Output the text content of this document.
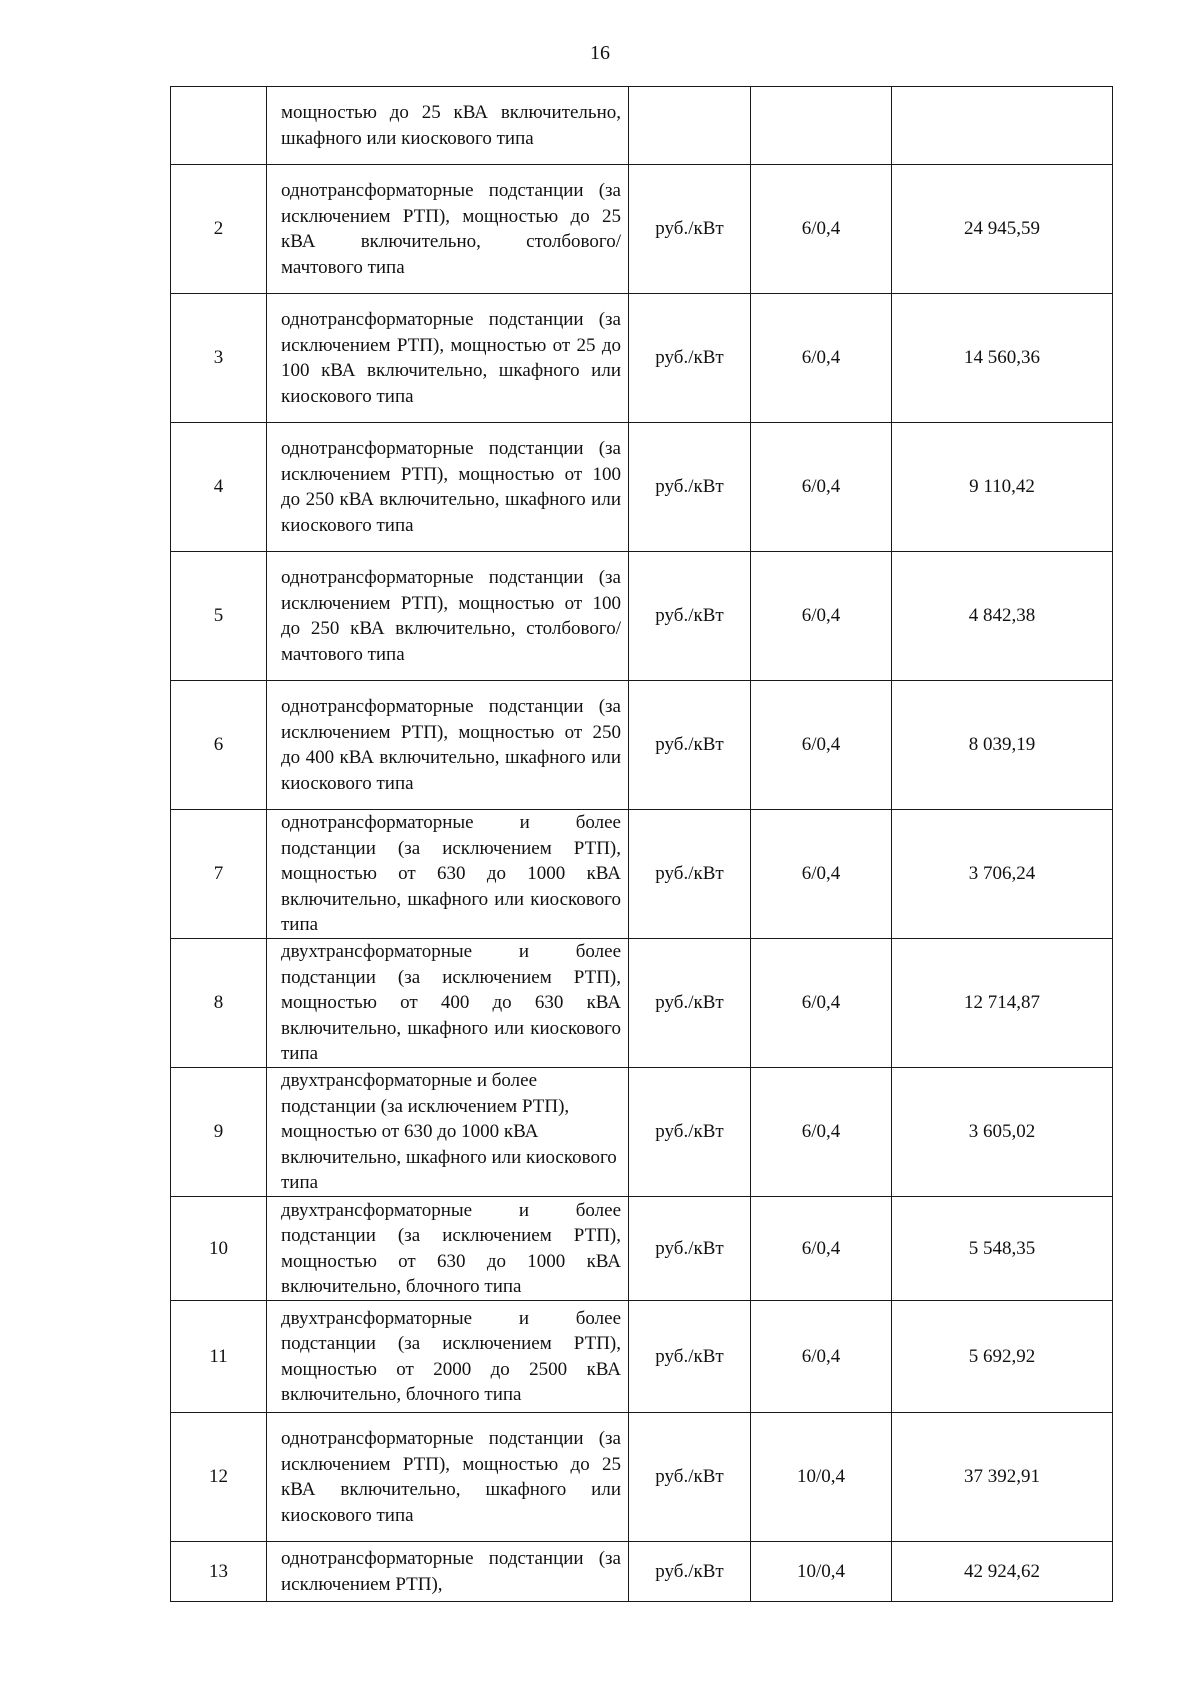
16

	мощностью до 25 кВА включительно, шкафного или киоскового типа			

2	однотрансформаторные подстанции (за исключением РТП), мощностью до 25 кВА включительно, столбового/мачтового типа	руб./кВт	6/0,4	24 945,59
3	однотрансформаторные подстанции (за исключением РТП), мощностью от 25 до 100 кВА включительно, шкафного или киоскового типа	руб./кВт	6/0,4	14 560,36
4	однотрансформаторные подстанции (за исключением РТП), мощностью от 100 до 250 кВА включительно, шкафного или киоскового типа	руб./кВт	6/0,4	9 110,42
5	однотрансформаторные подстанции (за исключением РТП), мощностью от 100 до 250 кВА включительно, столбового/мачтового типа	руб./кВт	6/0,4	4 842,38
6	однотрансформаторные подстанции (за исключением РТП), мощностью от 250 до 400 кВА включительно, шкафного или киоскового типа	руб./кВт	6/0,4	8 039,19
7	однотрансформаторные и более подстанции (за исключением РТП), мощностью от 630 до 1000 кВА включительно, шкафного или киоскового типа	руб./кВт	6/0,4	3 706,24
8	двухтрансформаторные и более подстанции (за исключением РТП), мощностью от 400 до 630 кВА включительно, шкафного или киоскового типа	руб./кВт	6/0,4	12 714,87
9	двухтрансформаторные и более подстанции (за исключением РТП), мощностью от 630 до 1000 кВА включительно, шкафного или киоскового типа	руб./кВт	6/0,4	3 605,02
10	двухтрансформаторные и более подстанции (за исключением РТП), мощностью от 630 до 1000 кВА включительно, блочного типа	руб./кВт	6/0,4	5 548,35
11	двухтрансформаторные и более подстанции (за исключением РТП), мощностью от 2000 до 2500 кВА включительно, блочного типа	руб./кВт	6/0,4	5 692,92
12	однотрансформаторные подстанции (за исключением РТП), мощностью до 25 кВА включительно, шкафного или киоскового типа	руб./кВт	10/0,4	37 392,91
13	однотрансформаторные подстанции (за исключением РТП),	руб./кВт	10/0,4	42 924,62
